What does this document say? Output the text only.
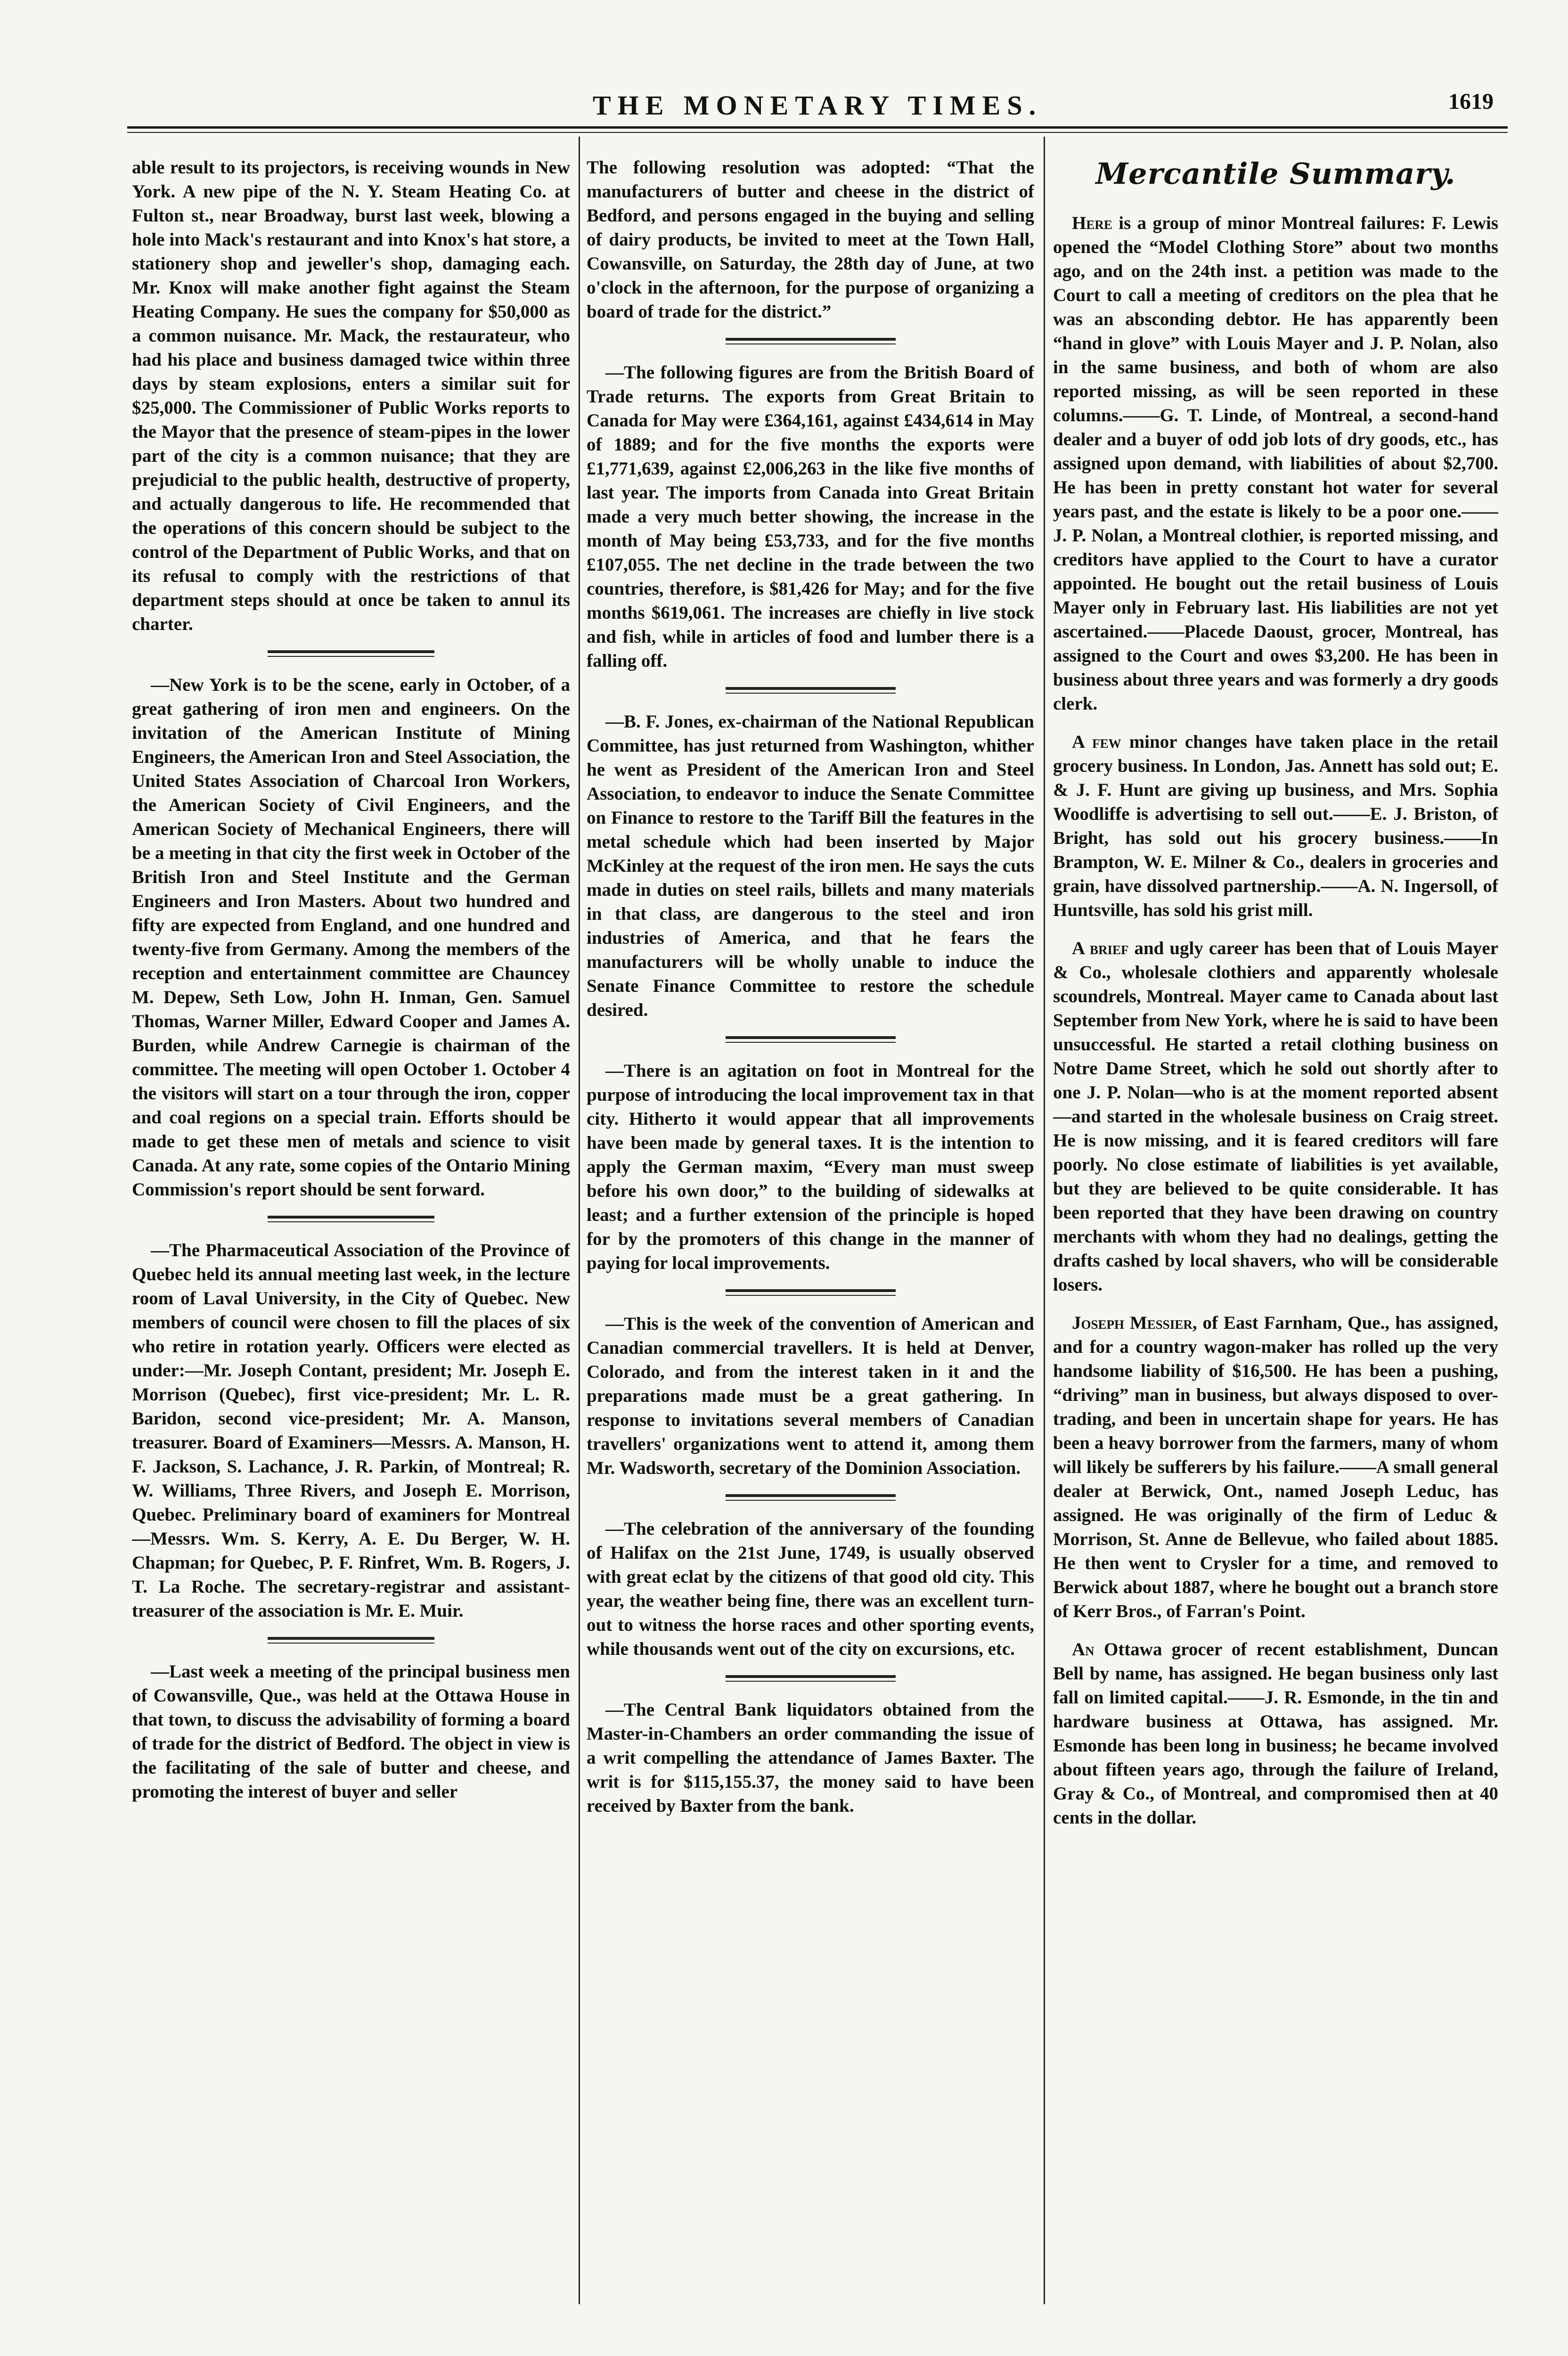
THE MONETARY TIMES.	1619

able result to its projectors, is receiving wounds in New York. A new pipe of the N. Y. Steam Heating Co. at Fulton st., near Broadway, burst last week, blowing a hole into Mack's restaurant and into Knox's hat store, a stationery shop and jeweller's shop, damaging each. Mr. Knox will make another fight against the Steam Heating Company. He sues the company for $50,000 as a common nuisance. Mr. Mack, the restaurateur, who had his place and business damaged twice within three days by steam explosions, enters a similar suit for $25,000. The Commissioner of Public Works reports to the Mayor that the presence of steam-pipes in the lower part of the city is a common nuisance; that they are prejudicial to the public health, destructive of property, and actually dangerous to life. He recommended that the operations of this concern should be subject to the control of the Department of Public Works, and that on its refusal to comply with the restrictions of that department steps should at once be taken to annul its charter.

—New York is to be the scene, early in October, of a great gathering of iron men and engineers. On the invitation of the American Institute of Mining Engineers, the American Iron and Steel Association, the United States Association of Charcoal Iron Workers, the American Society of Civil Engineers, and the American Society of Mechanical Engineers, there will be a meeting in that city the first week in October of the British Iron and Steel Institute and the German Engineers and Iron Masters. About two hundred and fifty are expected from England, and one hundred and twenty-five from Germany. Among the members of the reception and entertainment committee are Chauncey M. Depew, Seth Low, John H. Inman, Gen. Samuel Thomas, Warner Miller, Edward Cooper and James A. Burden, while Andrew Carnegie is chairman of the committee. The meeting will open October 1. October 4 the visitors will start on a tour through the iron, copper and coal regions on a special train. Efforts should be made to get these men of metals and science to visit Canada. At any rate, some copies of the Ontario Mining Commission's report should be sent forward.

—The Pharmaceutical Association of the Province of Quebec held its annual meeting last week, in the lecture room of Laval University, in the City of Quebec. New members of council were chosen to fill the places of six who retire in rotation yearly. Officers were elected as under:—Mr. Joseph Contant, president; Mr. Joseph E. Morrison (Quebec), first vice-president; Mr. L. R. Baridon, second vice-president; Mr. A. Manson, treasurer. Board of Examiners—Messrs. A. Manson, H. F. Jackson, S. Lachance, J. R. Parkin, of Montreal; R. W. Williams, Three Rivers, and Joseph E. Morrison, Quebec. Preliminary board of examiners for Montreal—Messrs. Wm. S. Kerry, A. E. Du Berger, W. H. Chapman; for Quebec, P. F. Rinfret, Wm. B. Rogers, J. T. La Roche. The secretary-registrar and assistant-treasurer of the association is Mr. E. Muir.

—Last week a meeting of the principal business men of Cowansville, Que., was held at the Ottawa House in that town, to discuss the advisability of forming a board of trade for the district of Bedford. The object in view is the facilitating of the sale of butter and cheese, and promoting the interest of buyer and seller

The following resolution was adopted: “That the manufacturers of butter and cheese in the district of Bedford, and persons engaged in the buying and selling of dairy products, be invited to meet at the Town Hall, Cowansville, on Saturday, the 28th day of June, at two o'clock in the afternoon, for the purpose of organizing a board of trade for the district.”

—The following figures are from the British Board of Trade returns. The exports from Great Britain to Canada for May were £364,161, against £434,614 in May of 1889; and for the five months the exports were £1,771,639, against £2,006,263 in the like five months of last year. The imports from Canada into Great Britain made a very much better showing, the increase in the month of May being £53,733, and for the five months £107,055. The net decline in the trade between the two countries, therefore, is $81,426 for May; and for the five months $619,061. The increases are chiefly in live stock and fish, while in articles of food and lumber there is a falling off.

—B. F. Jones, ex-chairman of the National Republican Committee, has just returned from Washington, whither he went as President of the American Iron and Steel Association, to endeavor to induce the Senate Committee on Finance to restore to the Tariff Bill the features in the metal schedule which had been inserted by Major McKinley at the request of the iron men. He says the cuts made in duties on steel rails, billets and many materials in that class, are dangerous to the steel and iron industries of America, and that he fears the manufacturers will be wholly unable to induce the Senate Finance Committee to restore the schedule desired.

—There is an agitation on foot in Montreal for the purpose of introducing the local improvement tax in that city. Hitherto it would appear that all improvements have been made by general taxes. It is the intention to apply the German maxim, “Every man must sweep before his own door,” to the building of sidewalks at least; and a further extension of the principle is hoped for by the promoters of this change in the manner of paying for local improvements.

—This is the week of the convention of American and Canadian commercial travellers. It is held at Denver, Colorado, and from the interest taken in it and the preparations made must be a great gathering. In response to invitations several members of Canadian travellers' organizations went to attend it, among them Mr. Wadsworth, secretary of the Dominion Association.

—The celebration of the anniversary of the founding of Halifax on the 21st June, 1749, is usually observed with great eclat by the citizens of that good old city. This year, the weather being fine, there was an excellent turn-out to witness the horse races and other sporting events, while thousands went out of the city on excursions, etc.

—The Central Bank liquidators obtained from the Master-in-Chambers an order commanding the issue of a writ compelling the attendance of James Baxter. The writ is for $115,155.37, the money said to have been received by Baxter from the bank.

Mercantile Summary.

Here is a group of minor Montreal failures: F. Lewis opened the “Model Clothing Store” about two months ago, and on the 24th inst. a petition was made to the Court to call a meeting of creditors on the plea that he was an absconding debtor. He has apparently been “hand in glove” with Louis Mayer and J. P. Nolan, also in the same business, and both of whom are also reported missing, as will be seen reported in these columns.——G. T. Linde, of Montreal, a second-hand dealer and a buyer of odd job lots of dry goods, etc., has assigned upon demand, with liabilities of about $2,700. He has been in pretty constant hot water for several years past, and the estate is likely to be a poor one.——J. P. Nolan, a Montreal clothier, is reported missing, and creditors have applied to the Court to have a curator appointed. He bought out the retail business of Louis Mayer only in February last. His liabilities are not yet ascertained.——Placede Daoust, grocer, Montreal, has assigned to the Court and owes $3,200. He has been in business about three years and was formerly a dry goods clerk.

A few minor changes have taken place in the retail grocery business. In London, Jas. Annett has sold out; E. & J. F. Hunt are giving up business, and Mrs. Sophia Woodliffe is advertising to sell out.——E. J. Briston, of Bright, has sold out his grocery business.——In Brampton, W. E. Milner & Co., dealers in groceries and grain, have dissolved partnership.——A. N. Ingersoll, of Huntsville, has sold his grist mill.

A brief and ugly career has been that of Louis Mayer & Co., wholesale clothiers and apparently wholesale scoundrels, Montreal. Mayer came to Canada about last September from New York, where he is said to have been unsuccessful. He started a retail clothing business on Notre Dame Street, which he sold out shortly after to one J. P. Nolan—who is at the moment reported absent—and started in the wholesale business on Craig street. He is now missing, and it is feared creditors will fare poorly. No close estimate of liabilities is yet available, but they are believed to be quite considerable. It has been reported that they have been drawing on country merchants with whom they had no dealings, getting the drafts cashed by local shavers, who will be considerable losers.

Joseph Messier, of East Farnham, Que., has assigned, and for a country wagon-maker has rolled up the very handsome liability of $16,500. He has been a pushing, “driving” man in business, but always disposed to over-trading, and been in uncertain shape for years. He has been a heavy borrower from the farmers, many of whom will likely be sufferers by his failure.——A small general dealer at Berwick, Ont., named Joseph Leduc, has assigned. He was originally of the firm of Leduc & Morrison, St. Anne de Bellevue, who failed about 1885. He then went to Crysler for a time, and removed to Berwick about 1887, where he bought out a branch store of Kerr Bros., of Farran's Point.

An Ottawa grocer of recent establishment, Duncan Bell by name, has assigned. He began business only last fall on limited capital.——J. R. Esmonde, in the tin and hardware business at Ottawa, has assigned. Mr. Esmonde has been long in business; he became involved about fifteen years ago, through the failure of Ireland, Gray & Co., of Montreal, and compromised then at 40 cents in the dollar.
